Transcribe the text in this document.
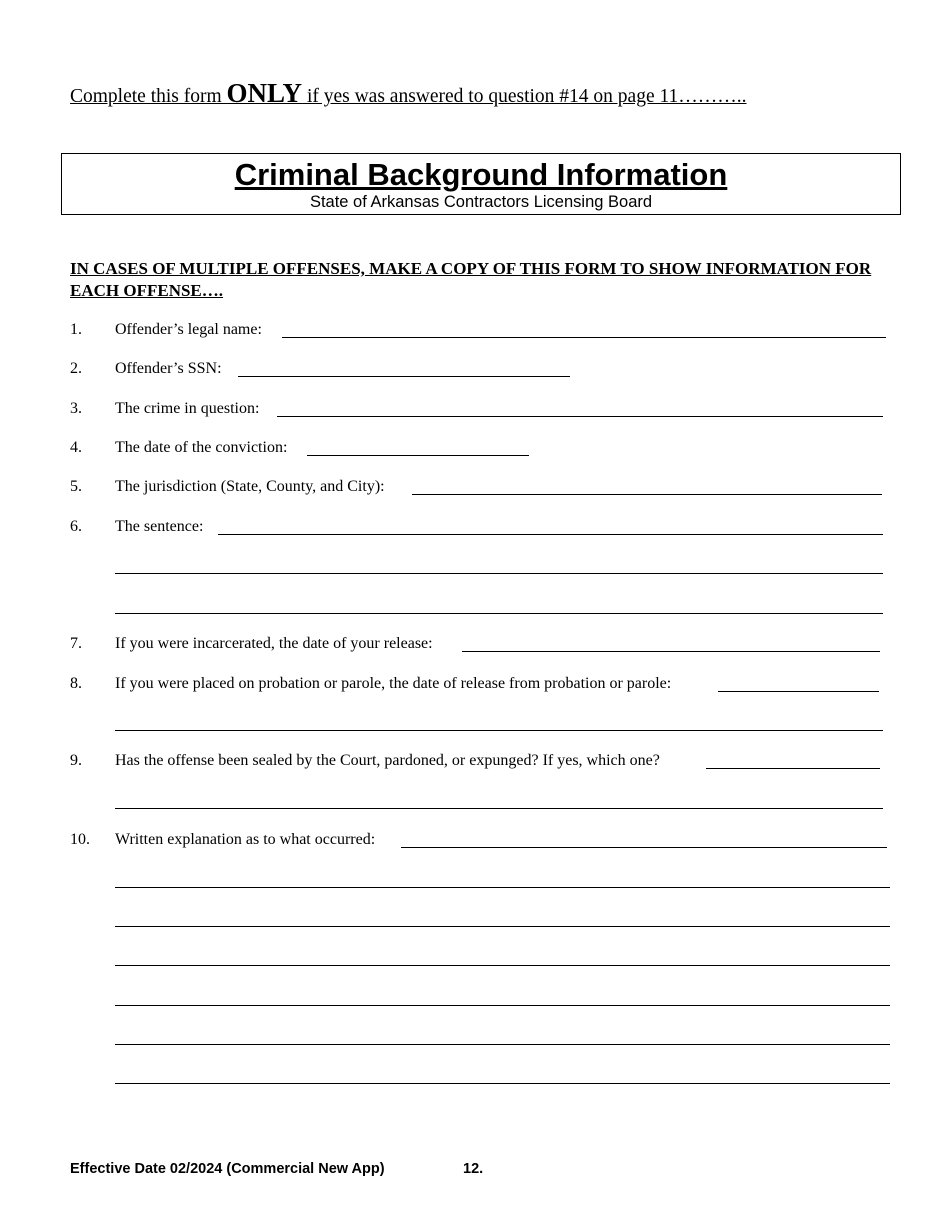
Complete this form ONLY if yes was answered to question #14 on page 11………..
Criminal Background Information
State of Arkansas Contractors Licensing Board
IN CASES OF MULTIPLE OFFENSES, MAKE A COPY OF THIS FORM TO SHOW INFORMATION FOR EACH OFFENSE….
1. Offender’s legal name:
2. Offender’s SSN:
3. The crime in question:
4. The date of the conviction:
5. The jurisdiction (State, County, and City):
6. The sentence:
7. If you were incarcerated, the date of your release:
8. If you were placed on probation or parole, the date of release from probation or parole:
9. Has the offense been sealed by the Court, pardoned, or expunged? If yes, which one?
10. Written explanation as to what occurred:
Effective Date 02/2024 (Commercial New App)	12.
